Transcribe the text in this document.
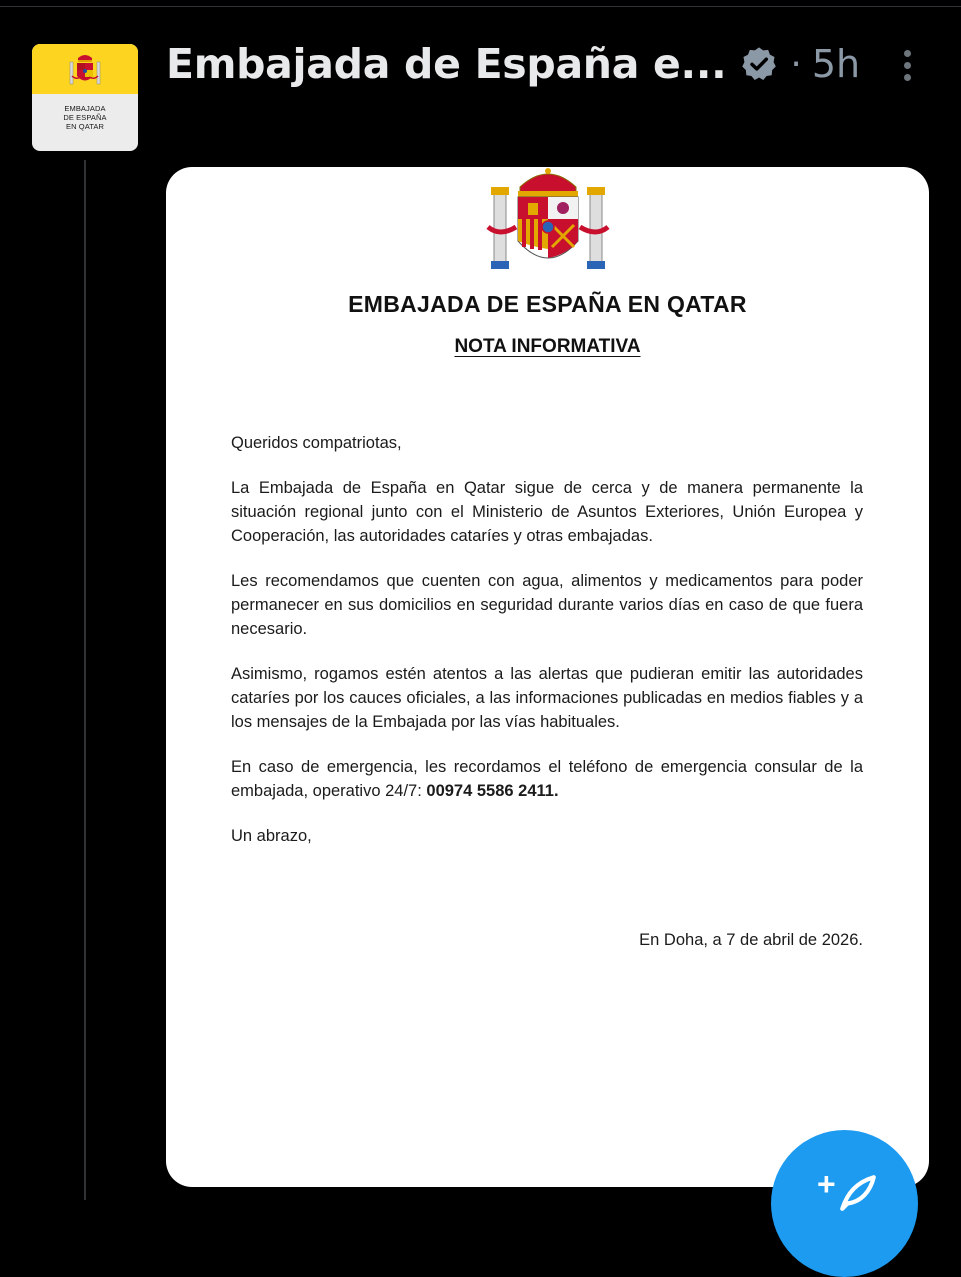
EMBAJADA
DE ESPAÑA
EN QATAR
Embajada de España e... · 5h
EMBAJADA DE ESPAÑA EN QATAR
NOTA INFORMATIVA

Queridos compatriotas,

La Embajada de España en Qatar sigue de cerca y de manera permanente la situación regional junto con el Ministerio de Asuntos Exteriores, Unión Europea y Cooperación, las autoridades cataríes y otras embajadas.

Les recomendamos que cuenten con agua, alimentos y medicamentos para poder permanecer en sus domicilios en seguridad durante varios días en caso de que fuera necesario.

Asimismo, rogamos estén atentos a las alertas que pudieran emitir las autoridades cataríes por los cauces oficiales, a las informaciones publicadas en medios fiables y a los mensajes de la Embajada por las vías habituales.

En caso de emergencia, les recordamos el teléfono de emergencia consular de la embajada, operativo 24/7: 00974 5586 2411.

Un abrazo,

En Doha, a 7 de abril de 2026.
+
